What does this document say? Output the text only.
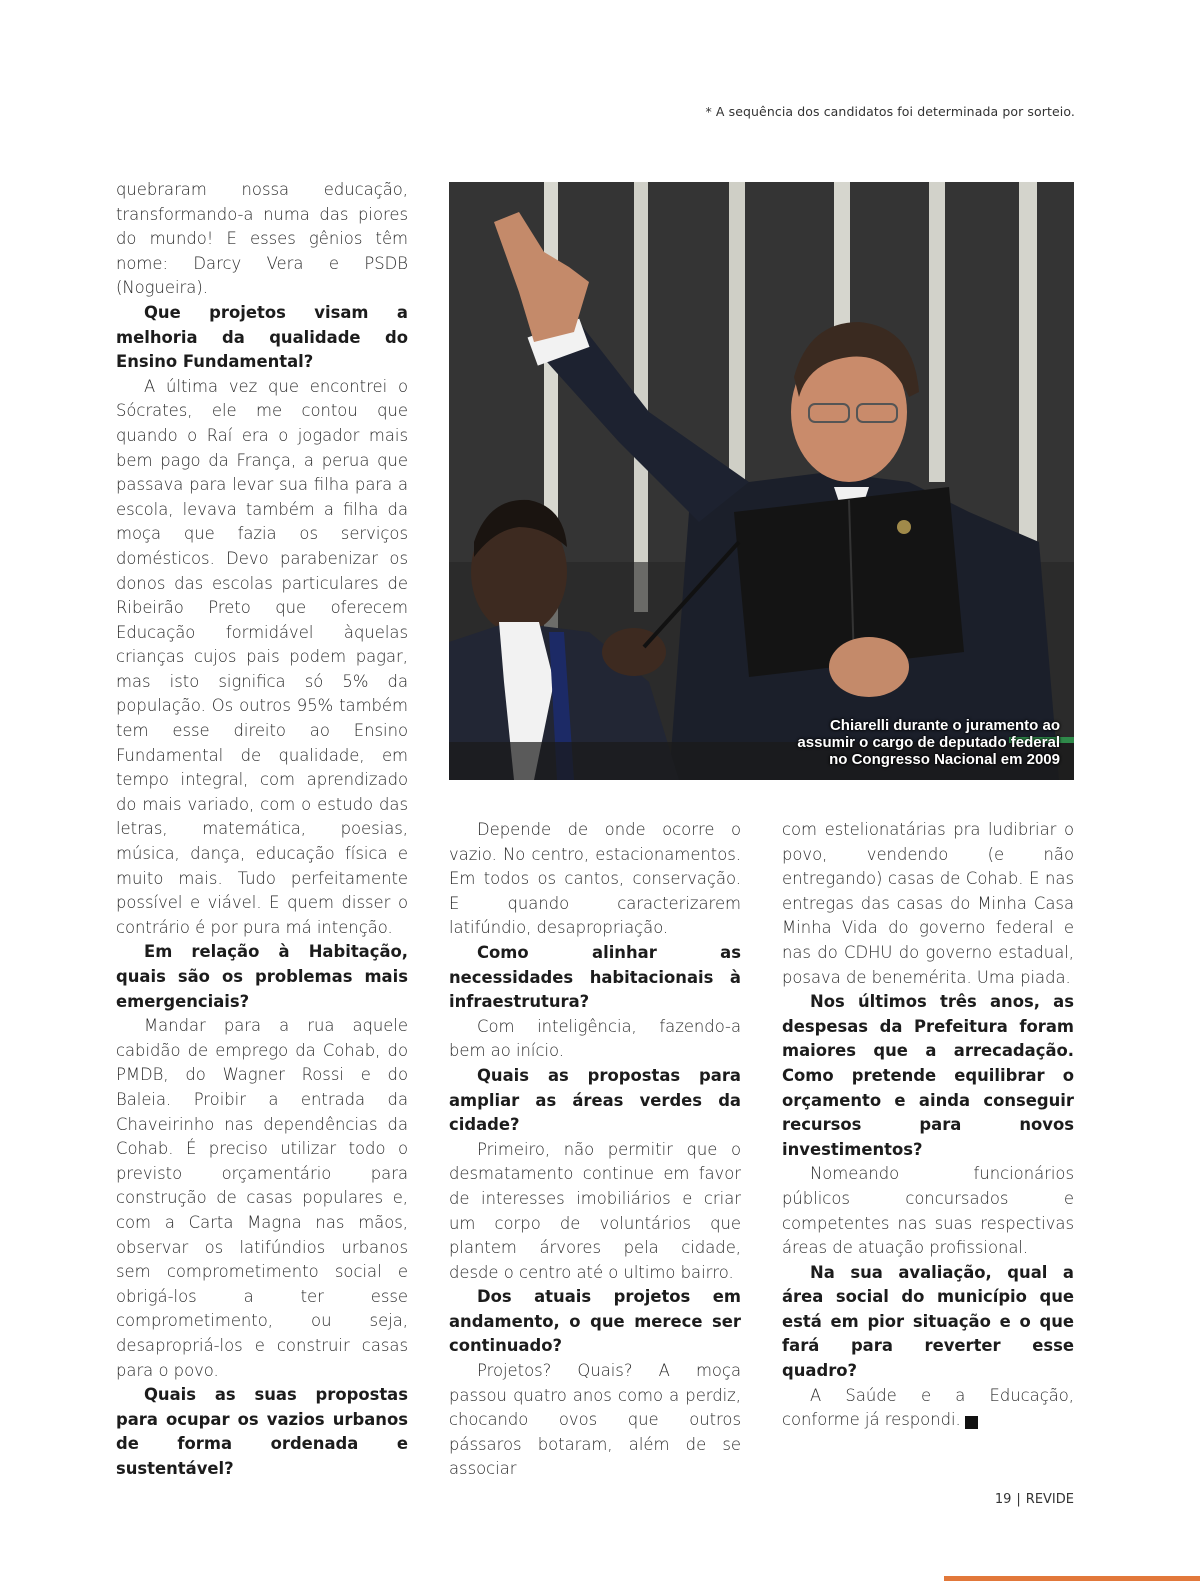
* A sequência dos candidatos foi determinada por sorteio.

quebraram nossa educação, transformando-a numa das piores do mundo! E esses gênios têm nome: Darcy Vera e PSDB (Nogueira).

Que projetos visam a melhoria da qualidade do Ensino Fundamental?

A última vez que encontrei o Sócrates, ele me contou que quando o Raí era o jogador mais bem pago da França, a perua que passava para levar sua filha para a escola, levava também a filha da moça que fazia os serviços domésticos. Devo parabenizar os donos das escolas particulares de Ribeirão Preto que oferecem Educação formidável àquelas crianças cujos pais podem pagar, mas isto significa só 5% da população. Os outros 95% também tem esse direito ao Ensino Fundamental de qualidade, em tempo integral, com aprendizado do mais variado, com o estudo das letras, matemática, poesias, música, dança, educação física e muito mais. Tudo perfeitamente possível e viável. E quem disser o contrário é por pura má intenção.

Em relação à Habitação, quais são os problemas mais emergenciais?

Mandar para a rua aquele cabidão de emprego da Cohab, do PMDB, do Wagner Rossi e do Baleia. Proibir a entrada da Chaveirinho nas dependências da Cohab. É preciso utilizar todo o previsto orçamentário para construção de casas populares e, com a Carta Magna nas mãos, observar os latifúndios urbanos sem comprometimento social e obrigá-los a ter esse comprometimento, ou seja, desapropriá-los e construir casas para o povo.

Quais as suas propostas para ocupar os vazios urbanos de forma ordenada e sustentável?

Chiarelli durante o juramento ao
assumir o cargo de deputado federal
no Congresso Nacional em 2009

Depende de onde ocorre o vazio. No centro, estacionamentos. Em todos os cantos, conservação. E quando caracterizarem latifúndio, desapropriação.

Como alinhar as necessidades habitacionais à infraestrutura?

Com inteligência, fazendo-a bem ao início.

Quais as propostas para ampliar as áreas verdes da cidade?

Primeiro, não permitir que o desmatamento continue em favor de interesses imobiliários e criar um corpo de voluntários que plantem árvores pela cidade, desde o centro até o ultimo bairro.

Dos atuais projetos em andamento, o que merece ser continuado?

Projetos? Quais? A moça passou quatro anos como a perdiz, chocando ovos que outros pássaros botaram, além de se associar

com estelionatárias pra ludibriar o povo, vendendo (e não entregando) casas de Cohab. E nas entregas das casas do Minha Casa Minha Vida do governo federal e nas do CDHU do governo estadual, posava de benemérita. Uma piada.

Nos últimos três anos, as despesas da Prefeitura foram maiores que a arrecadação. Como pretende equilibrar o orçamento e ainda conseguir recursos para novos investimentos?

Nomeando funcionários públicos concursados e competentes nas suas respectivas áreas de atuação profissional.

Na sua avaliação, qual a área social do município que está em pior situação e o que fará para reverter esse quadro?

A Saúde e a Educação, conforme já respondi.	r

19 | REVIDE
